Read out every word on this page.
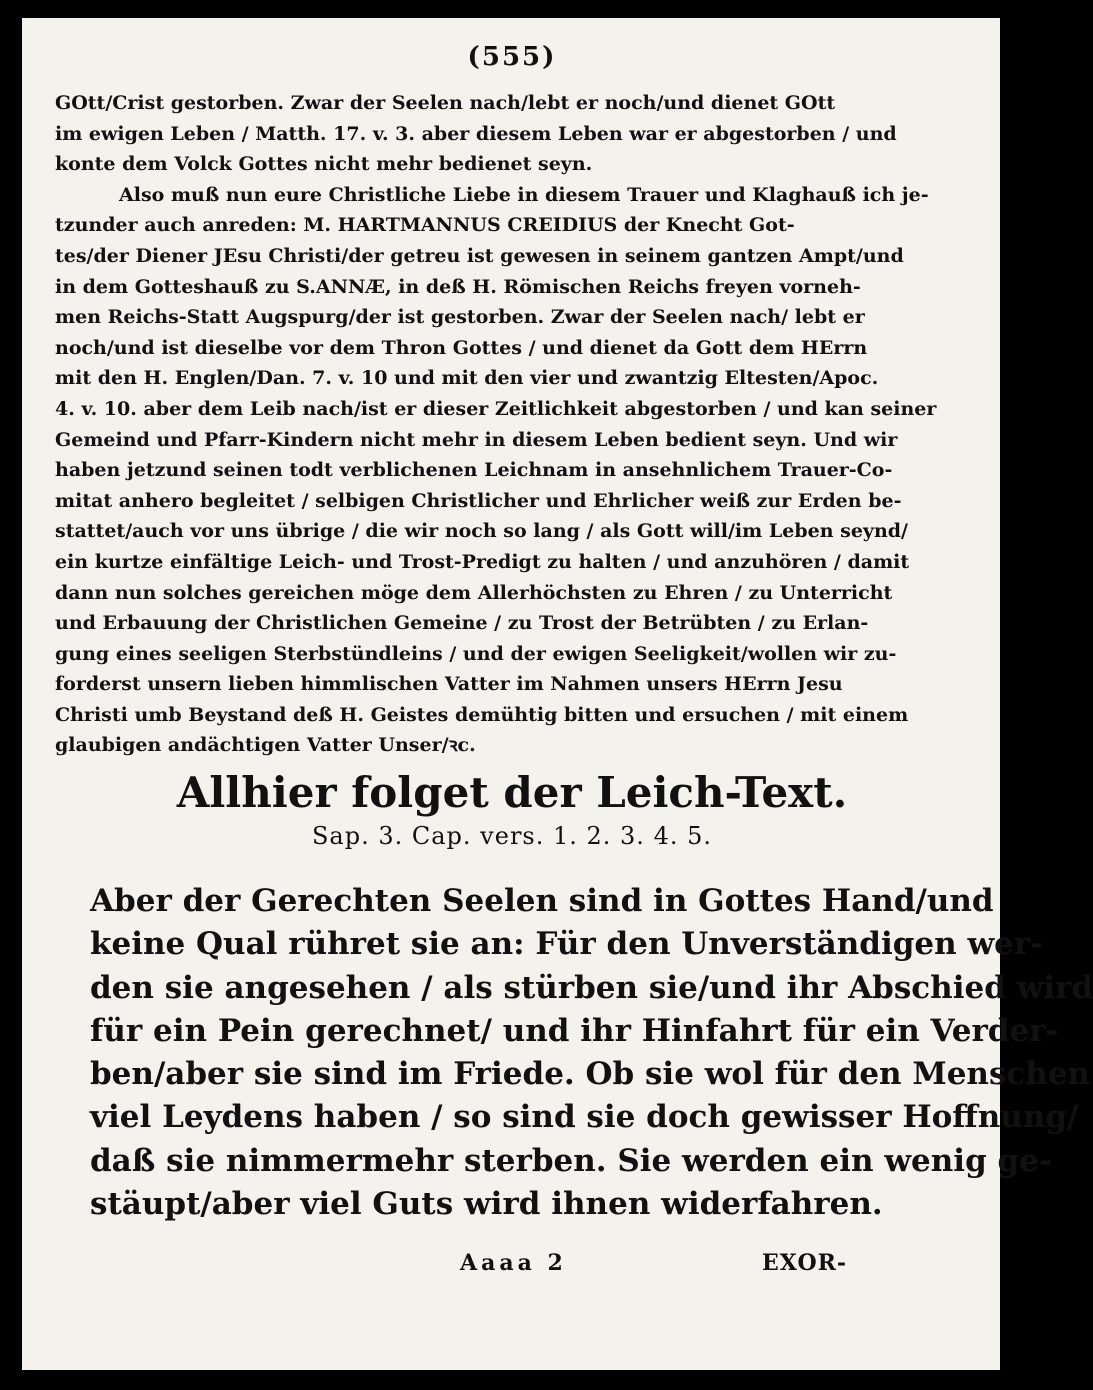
(555)
GOtt/Crist gestorben. Zwar der Seelen nach/lebt er noch/und dienet GOtt
im ewigen Leben / Matth. 17. v. 3. aber diesem Leben war er abgestorben / und
konte dem Volck Gottes nicht mehr bedienet seyn.
Also muß nun eure Christliche Liebe in diesem Trauer und Klaghauß ich je-
tzunder auch anreden: M. HARTMANNUS CREIDIUS der Knecht Got-
tes/der Diener JEsu Christi/der getreu ist gewesen in seinem gantzen Ampt/und
in dem Gotteshauß zu S.ANNÆ, in deß H. Römischen Reichs freyen vorneh-
men Reichs-Statt Augspurg/der ist gestorben. Zwar der Seelen nach/ lebt er
noch/und ist dieselbe vor dem Thron Gottes / und dienet da Gott dem HErrn
mit den H. Englen/Dan. 7. v. 10 und mit den vier und zwantzig Eltesten/Apoc.
4. v. 10. aber dem Leib nach/ist er dieser Zeitlichkeit abgestorben / und kan seiner
Gemeind und Pfarr-Kindern nicht mehr in diesem Leben bedient seyn. Und wir
haben jetzund seinen todt verblichenen Leichnam in ansehnlichem Trauer-Co-
mitat anhero begleitet / selbigen Christlicher und Ehrlicher weiß zur Erden be-
stattet/auch vor uns übrige / die wir noch so lang / als Gott will/im Leben seynd/
ein kurtze einfältige Leich- und Trost-Predigt zu halten / und anzuhören / damit
dann nun solches gereichen möge dem Allerhöchsten zu Ehren / zu Unterricht
und Erbauung der Christlichen Gemeine / zu Trost der Betrübten / zu Erlan-
gung eines seeligen Sterbstündleins / und der ewigen Seeligkeit/wollen wir zu-
forderst unsern lieben himmlischen Vatter im Nahmen unsers HErrn Jesu
Christi umb Beystand deß H. Geistes demühtig bitten und ersuchen / mit einem
glaubigen andächtigen Vatter Unser/ꝛc.
Allhier folget der Leich-Text.
Sap. 3. Cap. vers. 1. 2. 3. 4. 5.
Aber der Gerechten Seelen sind in Gottes Hand/und
keine Qual rühret sie an: Für den Unverständigen wer-
den sie angesehen / als stürben sie/und ihr Abschied wird
für ein Pein gerechnet/ und ihr Hinfahrt für ein Verder-
ben/aber sie sind im Friede. Ob sie wol für den Menschen
viel Leydens haben / so sind sie doch gewisser Hoffnung/
daß sie nimmermehr sterben. Sie werden ein wenig ge-
stäupt/aber viel Guts wird ihnen widerfahren.
Aaaa 2	EXOR-
